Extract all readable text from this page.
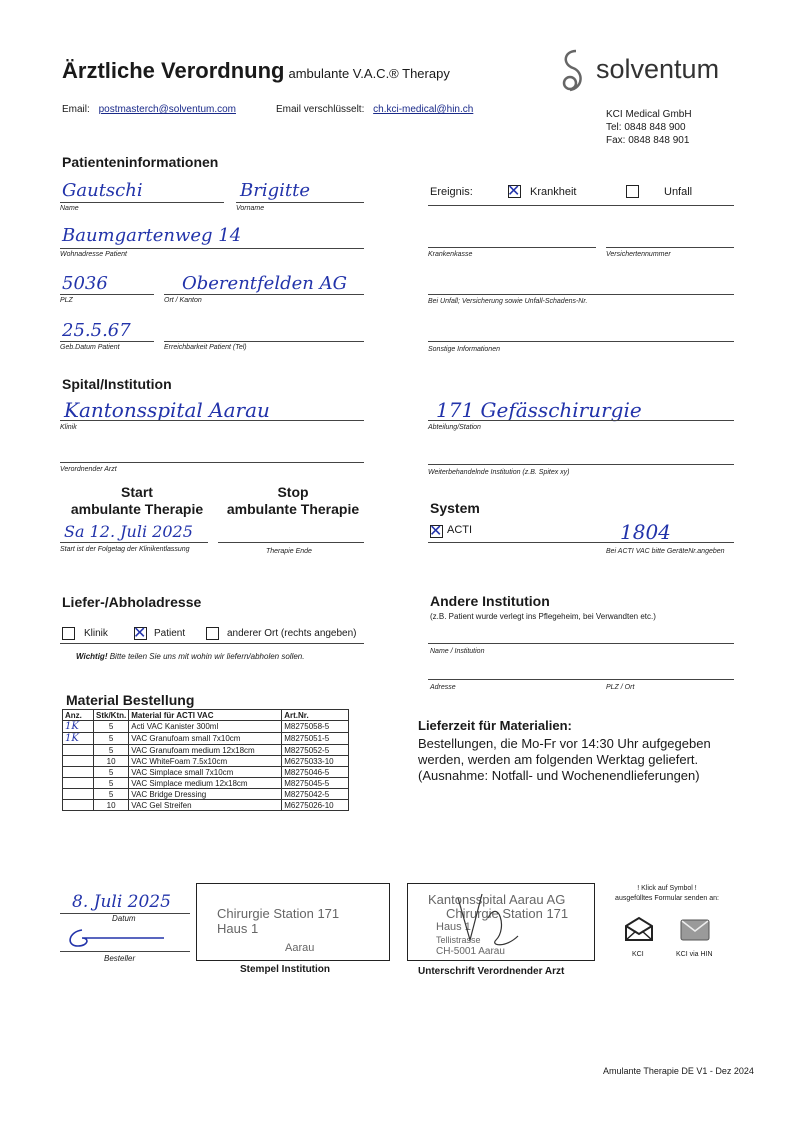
Ärztliche Verordnung ambulante V.A.C.® Therapy	solventum
Email: postmasterch@solventum.com	Email verschlüsselt: ch.kci-medical@hin.ch	KCI Medical GmbH
Tel: 0848 848 900
Fax: 0848 848 901
Patienteninformationen
Gautschi
Name
Brigitte
Vorname
Baumgartenweg 14
Wohnadresse Patient
5036
PLZ
Oberentfelden AG
Ort / Kanton
25.5.67
Geb.Datum Patient	Erreichbarkeit Patient (Tel)
Ereignis: ✕ Krankheit	Unfall
Krankenkasse	Versichertennummer
Bei Unfall; Versicherung sowie Unfall-Schadens-Nr.
Sonstige Informationen
Spital/Institution
Kantonsspital Aarau
Klinik
171 Gefässchirurgie
Abteilung/Station
Verordnender Arzt	Weiterbehandelnde Institution (z.B. Spitex xy)
Start
ambulante Therapie
Stop
ambulante Therapie
Sa 12. Juli 2025
Start ist der Folgetag der Klinikentlassung	Therapie Ende
System
✕ ACTI	1804
Bei ACTI VAC bitte GeräteNr.angeben
Liefer-/Abholadresse
Klinik ✕ Patient	anderer Ort (rechts angeben)
Wichtig! Bitte teilen Sie uns mit wohin wir liefern/abholen sollen.
Andere Institution
(z.B. Patient wurde verlegt ins Pflegeheim, bei Verwandten etc.)
Name / Institution
Adresse	PLZ / Ort
Material Bestellung
Anz.	Stk/Ktn.	Material für ACTI VAC	Art.Nr.
1K	5	Acti VAC Kanister 300ml	M8275058-5
1K	5	VAC Granufoam small 7x10cm	M8275051-5
	5	VAC Granufoam medium 12x18cm	M8275052-5
	10	VAC WhiteFoam 7.5x10cm	M6275033-10
	5	VAC Simplace small 7x10cm	M8275046-5
	5	VAC Simplace medium 12x18cm	M8275045-5
	5	VAC Bridge Dressing	M8275042-5
	10	VAC Gel Streifen	M6275026-10
Lieferzeit für Materialien:
Bestellungen, die Mo-Fr vor 14:30 Uhr aufgegeben
werden, werden am folgenden Werktag geliefert.
(Ausnahme: Notfall- und Wochenendlieferungen)
8. Juli 2025
Datum
Besteller
Chirurgie Station 171
Haus 1
Aarau
Stempel Institution
Kantonsspital Aarau AG
Chirurgie Station 171
Haus 1
Tellistrasse
CH-5001 Aarau
Unterschrift Verordnender Arzt
! Klick auf Symbol !
ausgefülltes Formular senden an:
KCI	KCI via HIN
Amulante Therapie DE V1 - Dez 2024
